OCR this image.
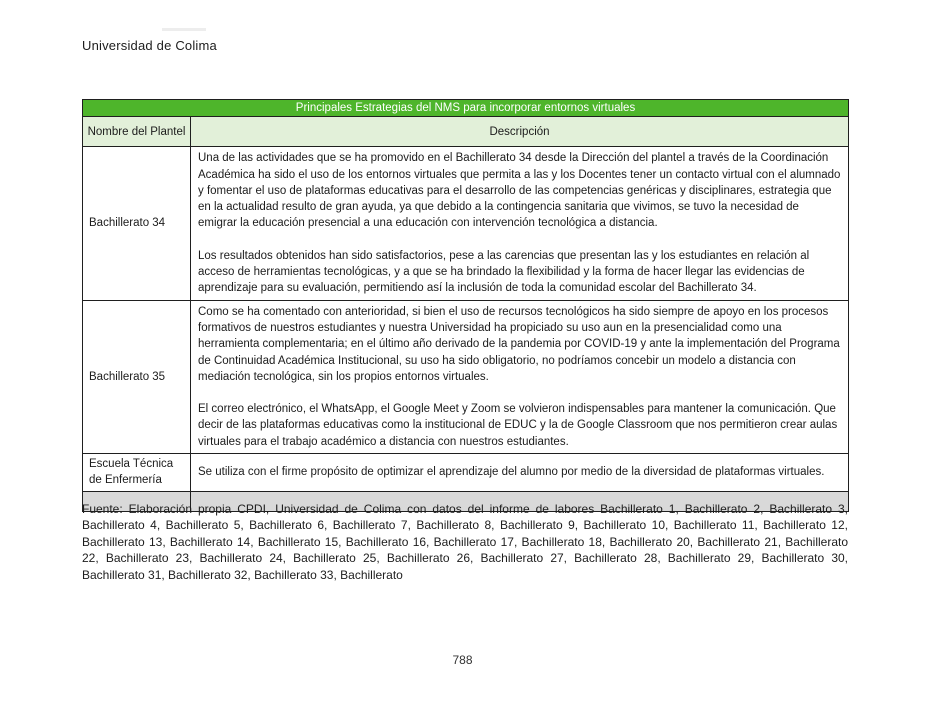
Universidad de Colima
Principales Estrategias del NMS para incorporar entornos virtuales	
Nombre del Plantel	Descripción
Bachillerato 34	Una de las actividades que se ha promovido en el Bachillerato 34 desde la Dirección del plantel a través de la Coordinación Académica ha sido el uso de los entornos virtuales que permita a las y los Docentes tener un contacto virtual con el alumnado y fomentar el uso de plataformas educativas para el desarrollo de las competencias genéricas y disciplinares, estrategia que en la actualidad resulto de gran ayuda, ya que debido a la contingencia sanitaria que vivimos, se tuvo la necesidad de emigrar la educación presencial a una educación con intervención tecnológica a distancia.

Los resultados obtenidos han sido satisfactorios, pese a las carencias que presentan las y los estudiantes en relación al acceso de herramientas tecnológicas, y a que se ha brindado la flexibilidad y la forma de hacer llegar las evidencias de aprendizaje para su evaluación, permitiendo así la inclusión de toda la comunidad escolar del Bachillerato 34.

Bachillerato 35	Como se ha comentado con anterioridad, si bien el uso de recursos tecnológicos ha sido siempre de apoyo en los procesos formativos de nuestros estudiantes y nuestra Universidad ha propiciado su uso aun en la presencialidad como una herramienta complementaria; en el último año derivado de la pandemia por COVID-19 y ante la implementación del Programa de Continuidad Académica Institucional, su uso ha sido obligatorio, no podríamos concebir un modelo a distancia con mediación tecnológica, sin los propios entornos virtuales.

El correo electrónico, el WhatsApp, el Google Meet y Zoom se volvieron indispensables para mantener la comunicación. Que decir de las plataformas educativas como la institucional de EDUC y la de Google Classroom que nos permitieron crear aulas virtuales para el trabajo académico a distancia con nuestros estudiantes.

Escuela Técnica de Enfermería	Se utiliza con el firme propósito de optimizar el aprendizaje del alumno por medio de la diversidad de plataformas virtuales.

Fuente: Elaboración propia CPDI, Universidad de Colima con datos del informe de labores Bachillerato 1, Bachillerato 2, Bachillerato 3, Bachillerato 4, Bachillerato 5, Bachillerato 6, Bachillerato 7, Bachillerato 8, Bachillerato 9, Bachillerato 10, Bachillerato 11, Bachillerato 12, Bachillerato 13, Bachillerato 14, Bachillerato 15, Bachillerato 16, Bachillerato 17, Bachillerato 18, Bachillerato 20, Bachillerato 21, Bachillerato 22, Bachillerato 23, Bachillerato 24, Bachillerato 25, Bachillerato 26, Bachillerato 27, Bachillerato 28, Bachillerato 29, Bachillerato 30, Bachillerato 31, Bachillerato 32, Bachillerato 33, Bachillerato
788
